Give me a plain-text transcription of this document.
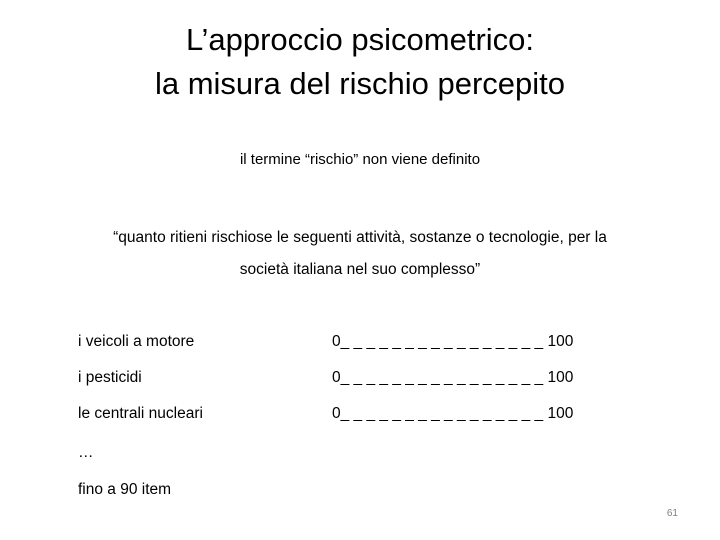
L’approccio psicometrico:
la misura del rischio percepito
il termine “rischio” non viene definito
“quanto ritieni rischiose le seguenti attività, sostanze o tecnologie, per la
società italiana nel suo complesso”
i veicoli a motore	0_ _ _ _ _ _ _ _ _ _ _ _ _ _ _ _ 100
i pesticidi	0_ _ _ _ _ _ _ _ _ _ _ _ _ _ _ _ 100
le centrali nucleari	0_ _ _ _ _ _ _ _ _ _ _ _ _ _ _ _ 100
…
fino a 90 item
61
